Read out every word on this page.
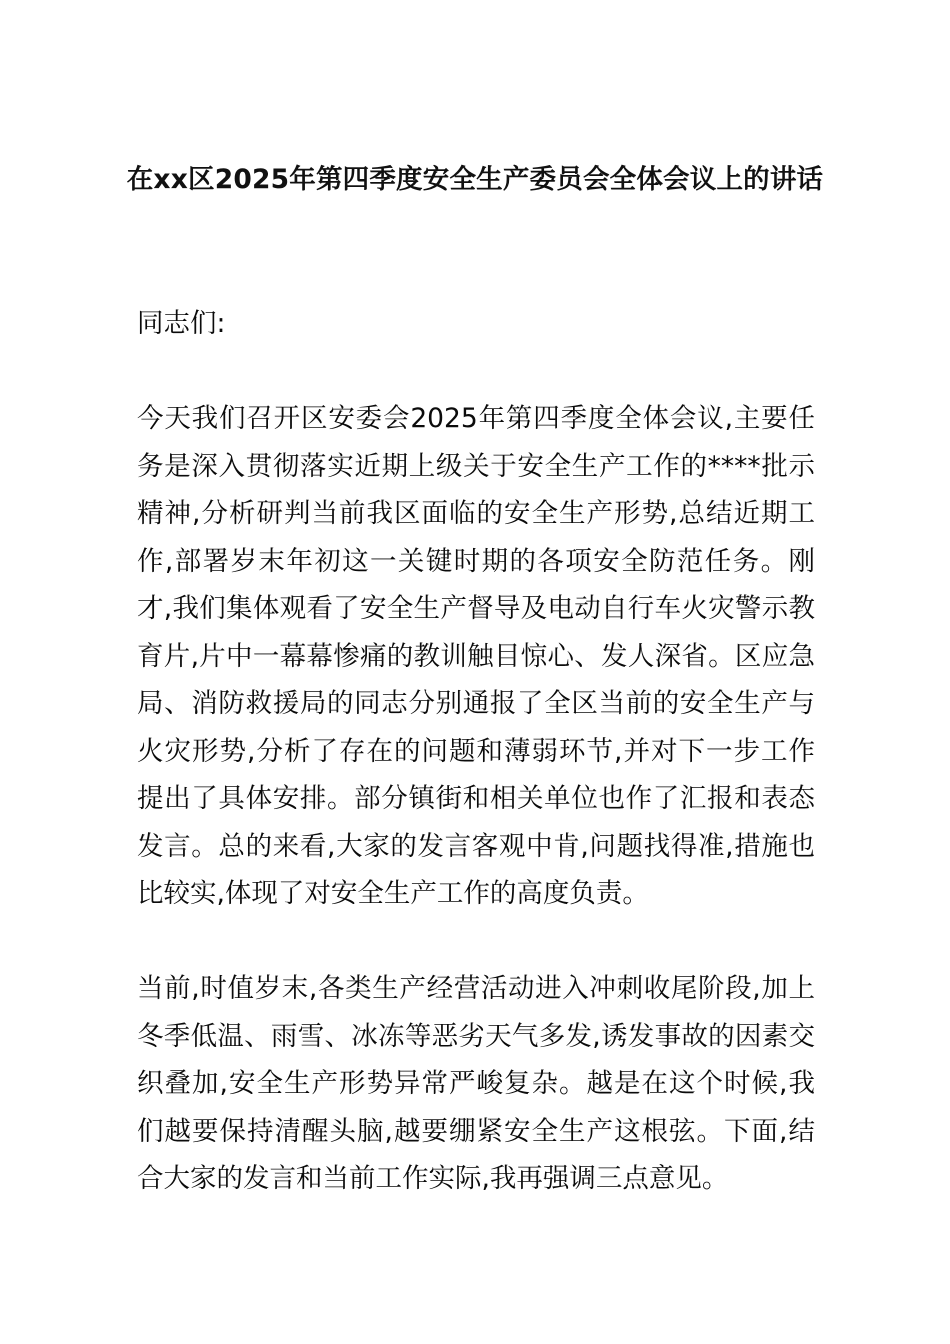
在xx区2025年第四季度安全生产委员会全体会议上的讲话

同志们:

今天我们召开区安委会2025年第四季度全体会议,主要任务是深入贯彻落实近期上级关于安全生产工作的****批示精神,分析研判当前我区面临的安全生产形势,总结近期工作,部署岁末年初这一关键时期的各项安全防范任务。刚才,我们集体观看了安全生产督导及电动自行车火灾警示教育片,片中一幕幕惨痛的教训触目惊心、发人深省。区应急局、消防救援局的同志分别通报了全区当前的安全生产与火灾形势,分析了存在的问题和薄弱环节,并对下一步工作提出了具体安排。部分镇街和相关单位也作了汇报和表态发言。总的来看,大家的发言客观中肯,问题找得准,措施也比较实,体现了对安全生产工作的高度负责。

当前,时值岁末,各类生产经营活动进入冲刺收尾阶段,加上冬季低温、雨雪、冰冻等恶劣天气多发,诱发事故的因素交织叠加,安全生产形势异常严峻复杂。越是在这个时候,我们越要保持清醒头脑,越要绷紧安全生产这根弦。下面,结合大家的发言和当前工作实际,我再强调三点意见。
